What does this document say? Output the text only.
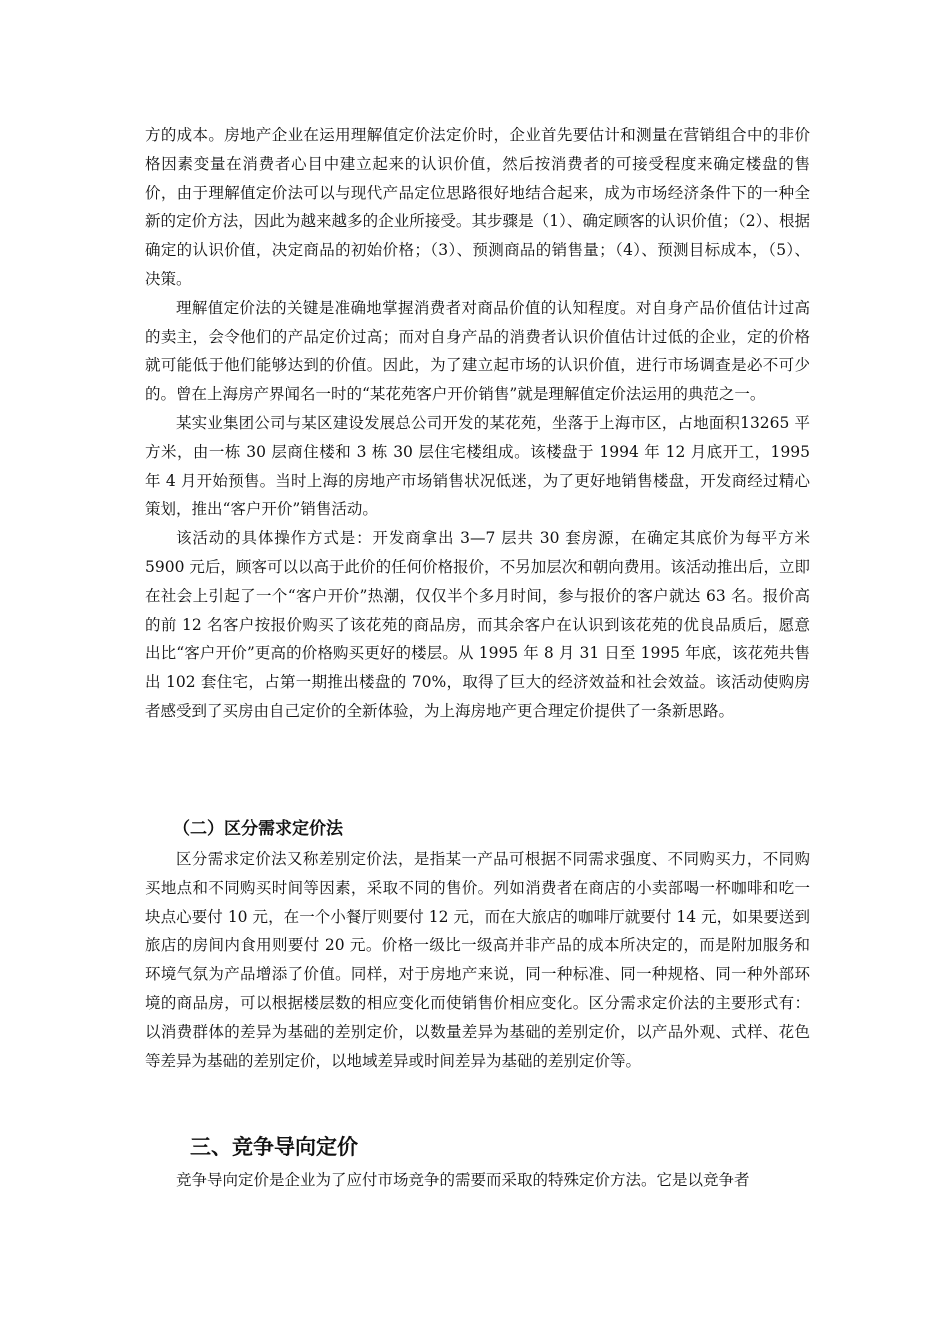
方的成本。房地产企业在运用理解值定价法定价时，企业首先要估计和测量在营销组合中的非价格因素变量在消费者心目中建立起来的认识价值，然后按消费者的可接受程度来确定楼盘的售价，由于理解值定价法可以与现代产品定位思路很好地结合起来，成为市场经济条件下的一种全新的定价方法，因此为越来越多的企业所接受。其步骤是（1）、确定顾客的认识价值；（2）、根据确定的认识价值，决定商品的初始价格；（3）、预测商品的销售量；（4）、预测目标成本，（5）、决策。

理解值定价法的关键是准确地掌握消费者对商品价值的认知程度。对自身产品价值估计过高的卖主，会令他们的产品定价过高；而对自身产品的消费者认识价值估计过低的企业，定的价格就可能低于他们能够达到的价值。因此，为了建立起市场的认识价值，进行市场调查是必不可少的。曾在上海房产界闻名一时的“某花苑客户开价销售”就是理解值定价法运用的典范之一。

某实业集团公司与某区建设发展总公司开发的某花苑，坐落于上海市区，占地面积13265 平方米，由一栋 30 层商住楼和 3 栋 30 层住宅楼组成。该楼盘于 1994 年 12 月底开工，1995 年 4 月开始预售。当时上海的房地产市场销售状况低迷，为了更好地销售楼盘，开发商经过精心策划，推出“客户开价”销售活动。

该活动的具体操作方式是：开发商拿出 3—7 层共 30 套房源，在确定其底价为每平方米 5900 元后，顾客可以以高于此价的任何价格报价，不另加层次和朝向费用。该活动推出后，立即在社会上引起了一个“客户开价”热潮，仅仅半个多月时间，参与报价的客户就达 63 名。报价高的前 12 名客户按报价购买了该花苑的商品房，而其余客户在认识到该花苑的优良品质后，愿意出比“客户开价”更高的价格购买更好的楼层。从 1995 年 8 月 31 日至 1995 年底，该花苑共售出 102 套住宅，占第一期推出楼盘的 70%，取得了巨大的经济效益和社会效益。该活动使购房者感受到了买房由自己定价的全新体验，为上海房地产更合理定价提供了一条新思路。

（二）区分需求定价法

区分需求定价法又称差别定价法，是指某一产品可根据不同需求强度、不同购买力，不同购买地点和不同购买时间等因素，采取不同的售价。列如消费者在商店的小卖部喝一杯咖啡和吃一块点心要付 10 元，在一个小餐厅则要付 12 元，而在大旅店的咖啡厅就要付 14 元，如果要送到旅店的房间内食用则要付 20 元。价格一级比一级高并非产品的成本所决定的，而是附加服务和环境气氛为产品增添了价值。同样，对于房地产来说，同一种标准、同一种规格、同一种外部环境的商品房，可以根据楼层数的相应变化而使销售价相应变化。区分需求定价法的主要形式有：以消费群体的差异为基础的差别定价，以数量差异为基础的差别定价，以产品外观、式样、花色等差异为基础的差别定价，以地域差异或时间差异为基础的差别定价等。

三、竞争导向定价

竞争导向定价是企业为了应付市场竞争的需要而采取的特殊定价方法。它是以竞争者
